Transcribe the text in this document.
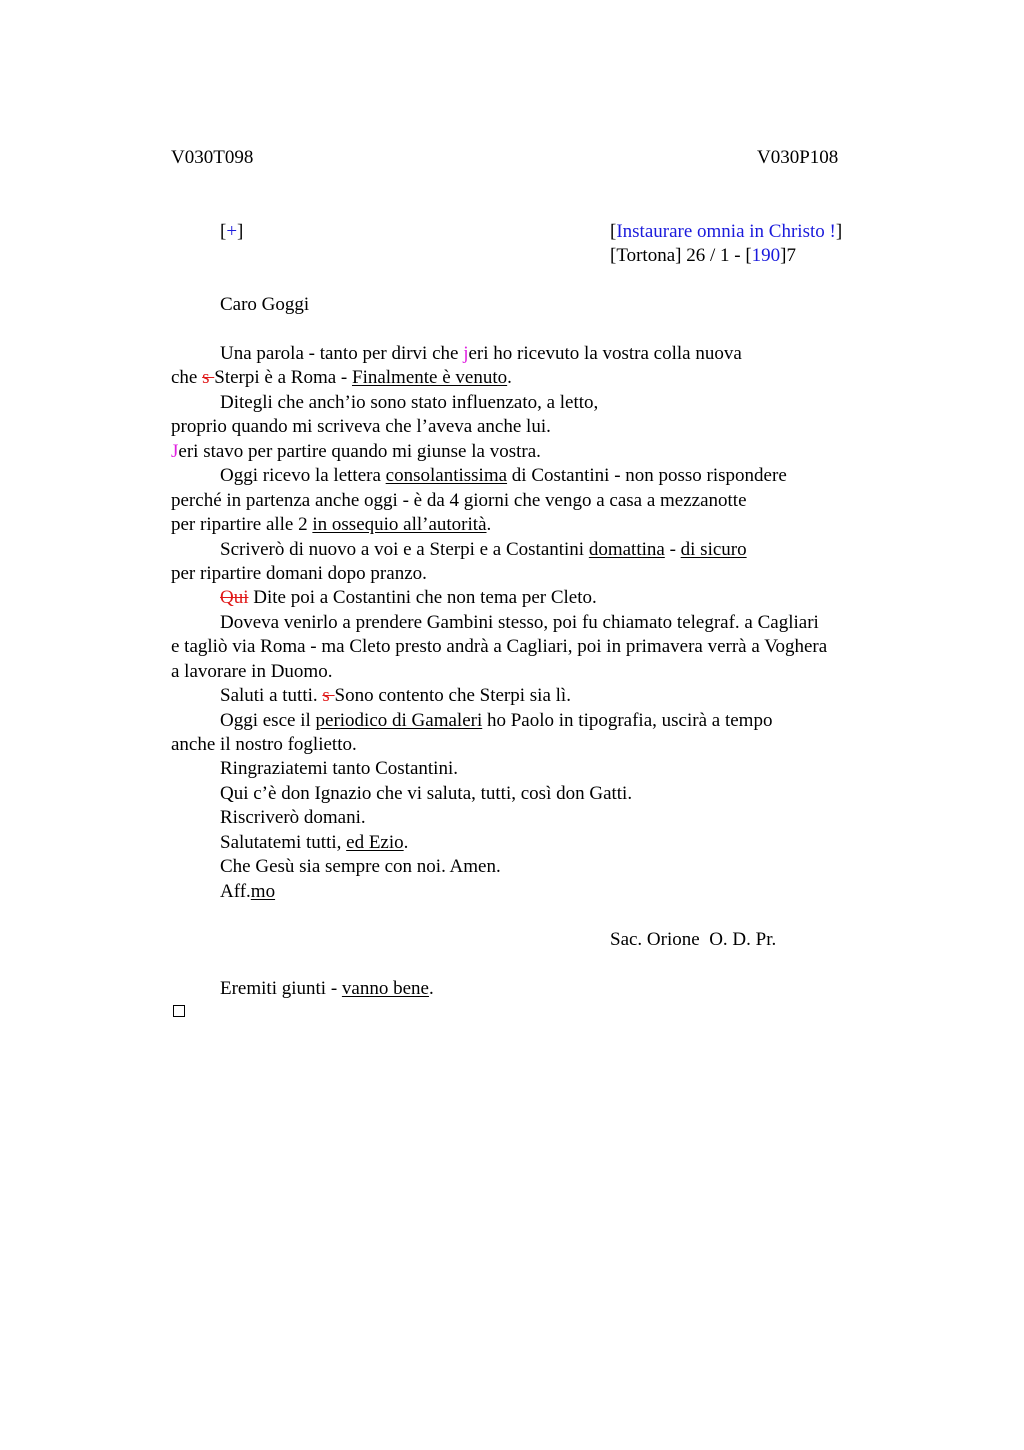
V030T098	V030P108
[+]	[Instaurare omnia in Christo !]
[Tortona] 26 / 1 - [190]7
Caro Goggi
Una parola - tanto per dirvi che jeri ho ricevuto la vostra colla nuova
che s Sterpi è a Roma - Finalmente è venuto.
Ditegli che anch’io sono stato influenzato, a letto,
proprio quando mi scriveva che l’aveva anche lui.
Jeri stavo per partire quando mi giunse la vostra.
Oggi ricevo la lettera consolantissima di Costantini - non posso rispondere
perché in partenza anche oggi - è da 4 giorni che vengo a casa a mezzanotte
per ripartire alle 2 in ossequio all’autorità.
Scriverò di nuovo a voi e a Sterpi e a Costantini domattina - di sicuro
per ripartire domani dopo pranzo.
Qui Dite poi a Costantini che non tema per Cleto.
Doveva venirlo a prendere Gambini stesso, poi fu chiamato telegraf. a Cagliari
e tagliò via Roma - ma Cleto presto andrà a Cagliari, poi in primavera verrà a Voghera
a lavorare in Duomo.
Saluti a tutti. s Sono contento che Sterpi sia lì.
Oggi esce il periodico di Gamaleri ho Paolo in tipografia, uscirà a tempo
anche il nostro foglietto.
Ringraziatemi tanto Costantini.
Qui c’è don Ignazio che vi saluta, tutti, così don Gatti.
Riscriverò domani.
Salutatemi tutti, ed Ezio.
Che Gesù sia sempre con noi. Amen.
Aff.mo
Sac. Orione  O. D. Pr.
Eremiti giunti - vanno bene.
